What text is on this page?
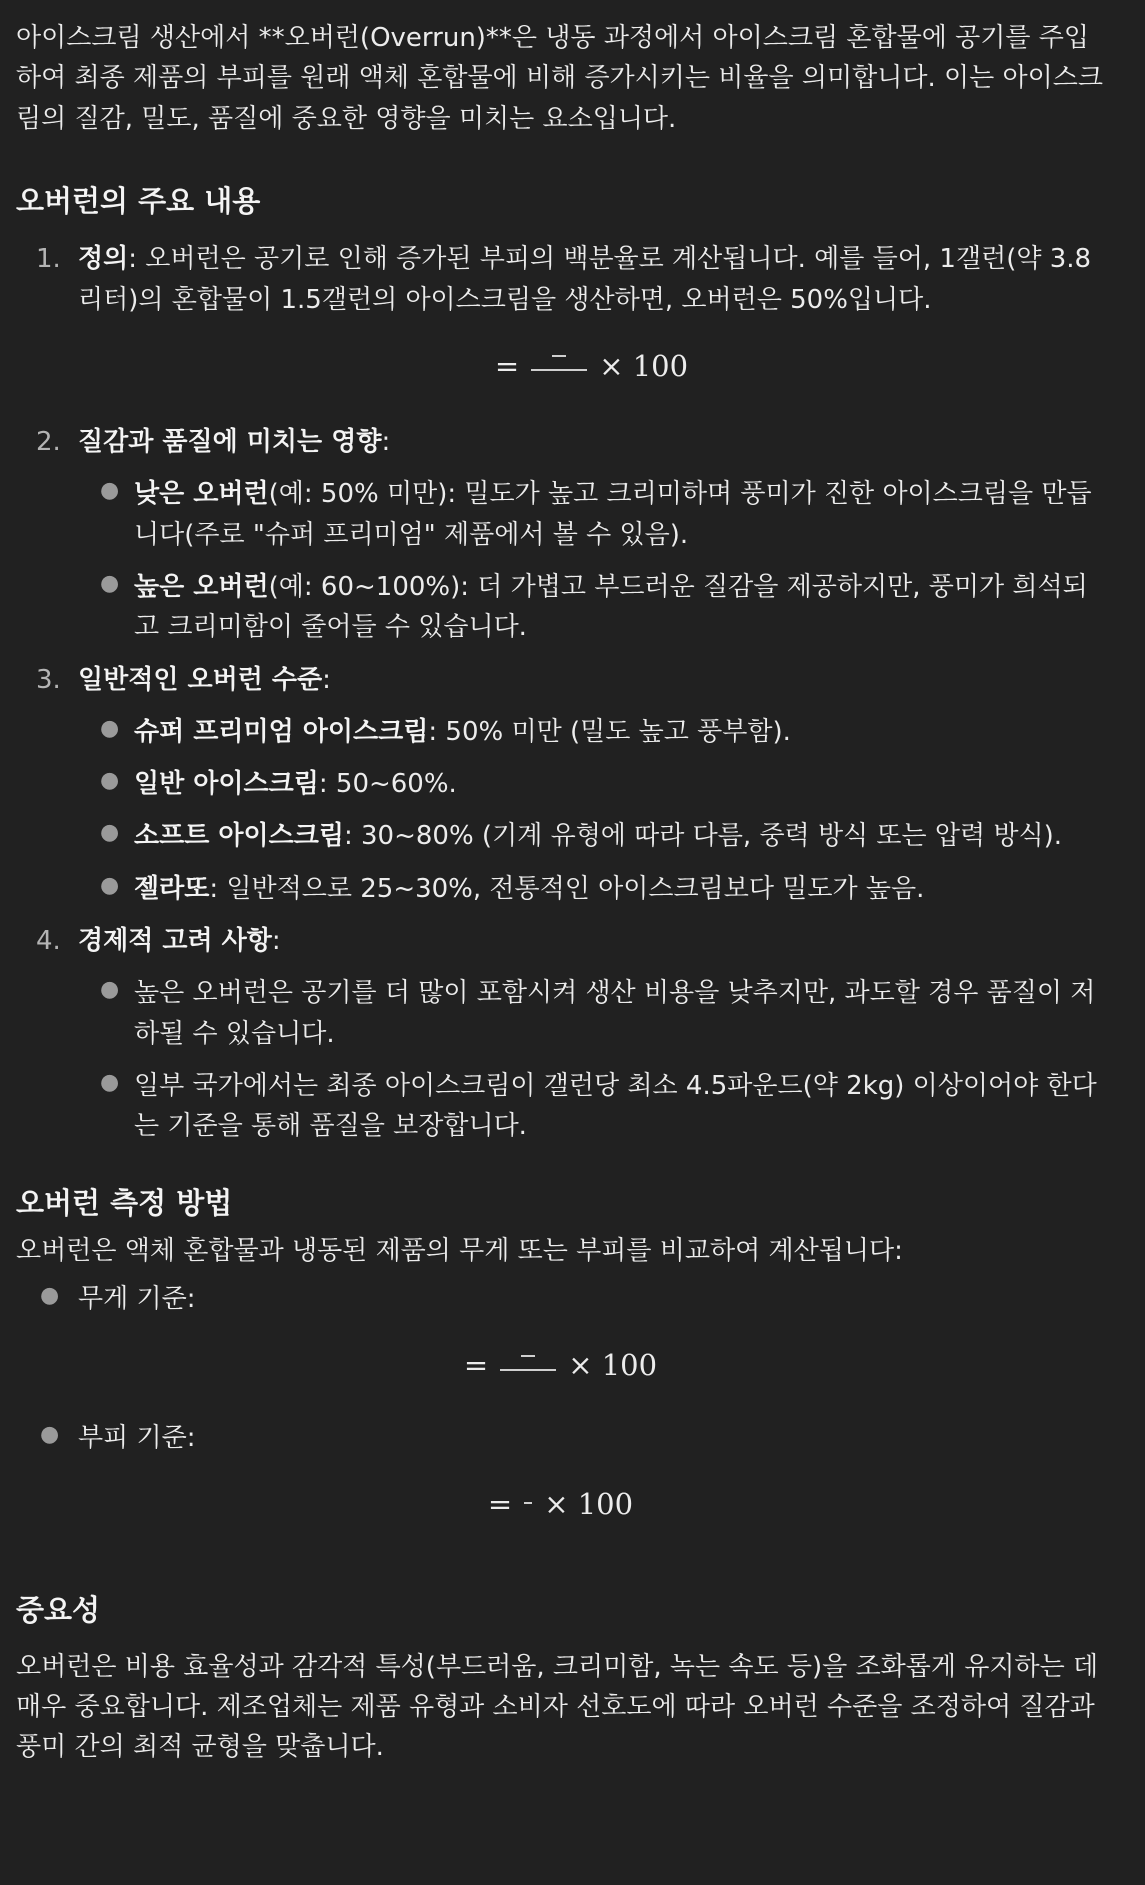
아이스크림 생산에서 **오버런(Overrun)**은 냉동 과정에서 아이스크림 혼합물에 공기를 주입하여 최종 제품의 부피를 원래 액체 혼합물에 비해 증가시키는 비율을 의미합니다. 이는 아이스크림의 질감, 밀도, 품질에 중요한 영향을 미치는 요소입니다.

오버런의 주요 내용
1. 정의: 오버런은 공기로 인해 증가된 부피의 백분율로 계산됩니다. 예를 들어, 1갤런(약 3.8리터)의 혼합물이 1.5갤런의 아이스크림을 생산하면, 오버런은 50%입니다.
=	× 100
2. 질감과 품질에 미치는 영향:
● 낮은 오버런(예: 50% 미만): 밀도가 높고 크리미하며 풍미가 진한 아이스크림을 만듭니다(주로 "슈퍼 프리미엄" 제품에서 볼 수 있음).
● 높은 오버런(예: 60~100%): 더 가볍고 부드러운 질감을 제공하지만, 풍미가 희석되고 크리미함이 줄어들 수 있습니다.
3. 일반적인 오버런 수준:
● 슈퍼 프리미엄 아이스크림: 50% 미만 (밀도 높고 풍부함).
● 일반 아이스크림: 50~60%.
● 소프트 아이스크림: 30~80% (기계 유형에 따라 다름, 중력 방식 또는 압력 방식).
● 젤라또: 일반적으로 25~30%, 전통적인 아이스크림보다 밀도가 높음.
4. 경제적 고려 사항:
● 높은 오버런은 공기를 더 많이 포함시켜 생산 비용을 낮추지만, 과도할 경우 품질이 저하될 수 있습니다.
● 일부 국가에서는 최종 아이스크림이 갤런당 최소 4.5파운드(약 2kg) 이상이어야 한다는 기준을 통해 품질을 보장합니다.
오버런 측정 방법

오버런은 액체 혼합물과 냉동된 제품의 무게 또는 부피를 비교하여 계산됩니다:

● 무게 기준:
=	× 100
● 부피 기준:
= × 100
중요성

오버런은 비용 효율성과 감각적 특성(부드러움, 크리미함, 녹는 속도 등)을 조화롭게 유지하는 데 매우 중요합니다. 제조업체는 제품 유형과 소비자 선호도에 따라 오버런 수준을 조정하여 질감과 풍미 간의 최적 균형을 맞춥니다.
